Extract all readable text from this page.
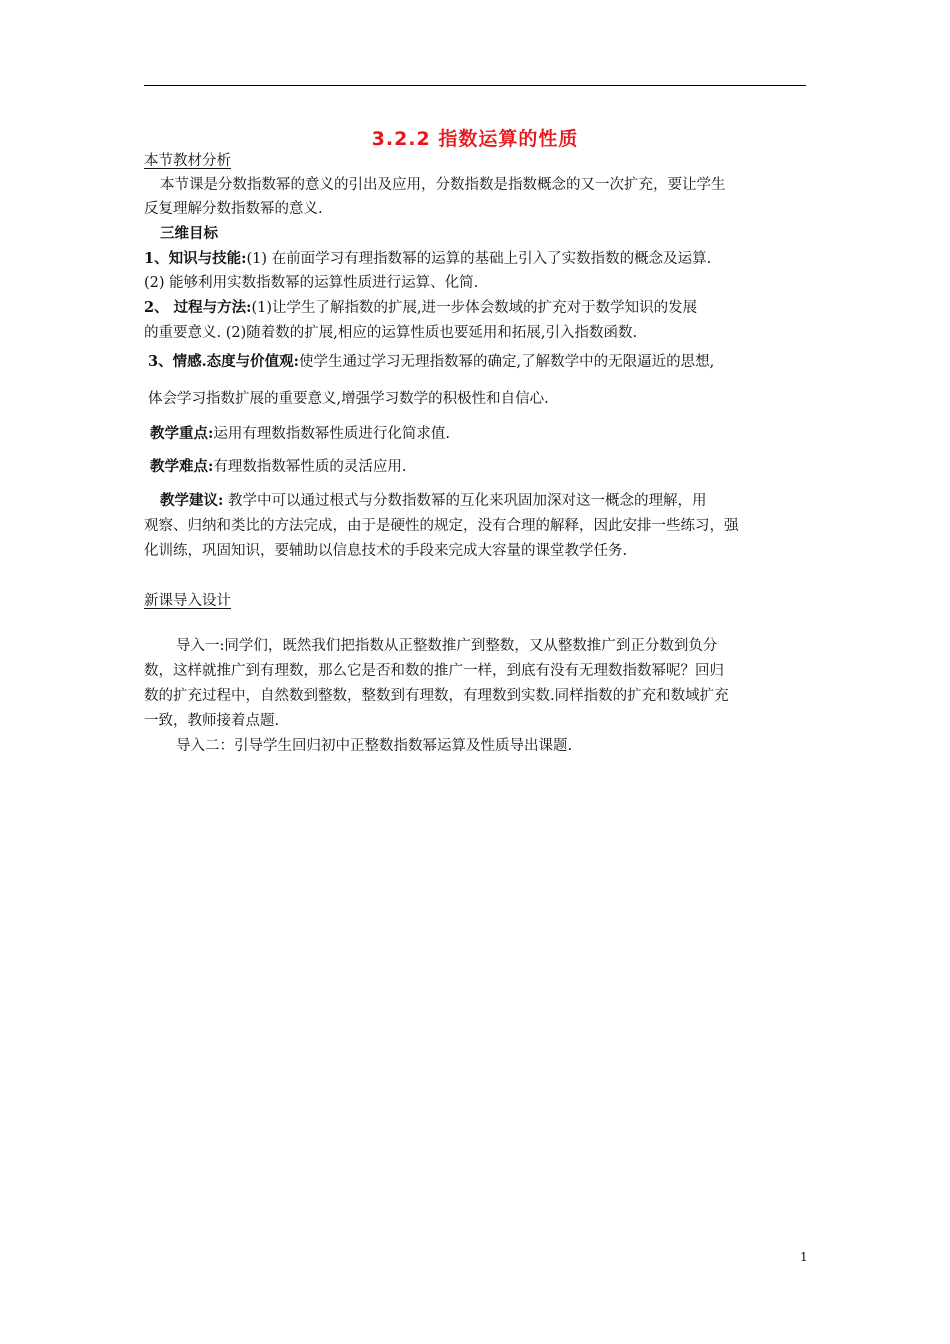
3.2.2 指数运算的性质
本节教材分析
本节课是分数指数幂的意义的引出及应用，分数指数是指数概念的又一次扩充，要让学生
反复理解分数指数幂的意义.
三维目标
1、知识与技能:(1) 在前面学习有理指数幂的运算的基础上引入了实数指数的概念及运算.
(2) 能够利用实数指数幂的运算性质进行运算、化简.
2、 过程与方法:(1)让学生了解指数的扩展,进一步体会数域的扩充对于数学知识的发展
的重要意义. (2)随着数的扩展,相应的运算性质也要延用和拓展,引入指数函数.
3、情感.态度与价值观:使学生通过学习无理指数幂的确定,了解数学中的无限逼近的思想,
体会学习指数扩展的重要意义,增强学习数学的积极性和自信心.
教学重点:运用有理数指数幂性质进行化简求值.
教学难点:有理数指数幂性质的灵活应用.
教学建议: 教学中可以通过根式与分数指数幂的互化来巩固加深对这一概念的理解，用
观察、归纳和类比的方法完成，由于是硬性的规定，没有合理的解释，因此安排一些练习，强
化训练，巩固知识，要辅助以信息技术的手段来完成大容量的课堂教学任务.
新课导入设计
导入一:同学们，既然我们把指数从正整数推广到整数，又从整数推广到正分数到负分
数，这样就推广到有理数，那么它是否和数的推广一样，到底有没有无理数指数幂呢？回归
数的扩充过程中，自然数到整数，整数到有理数，有理数到实数.同样指数的扩充和数域扩充
一致，教师接着点题.
导入二：引导学生回归初中正整数指数幂运算及性质导出课题.
1
